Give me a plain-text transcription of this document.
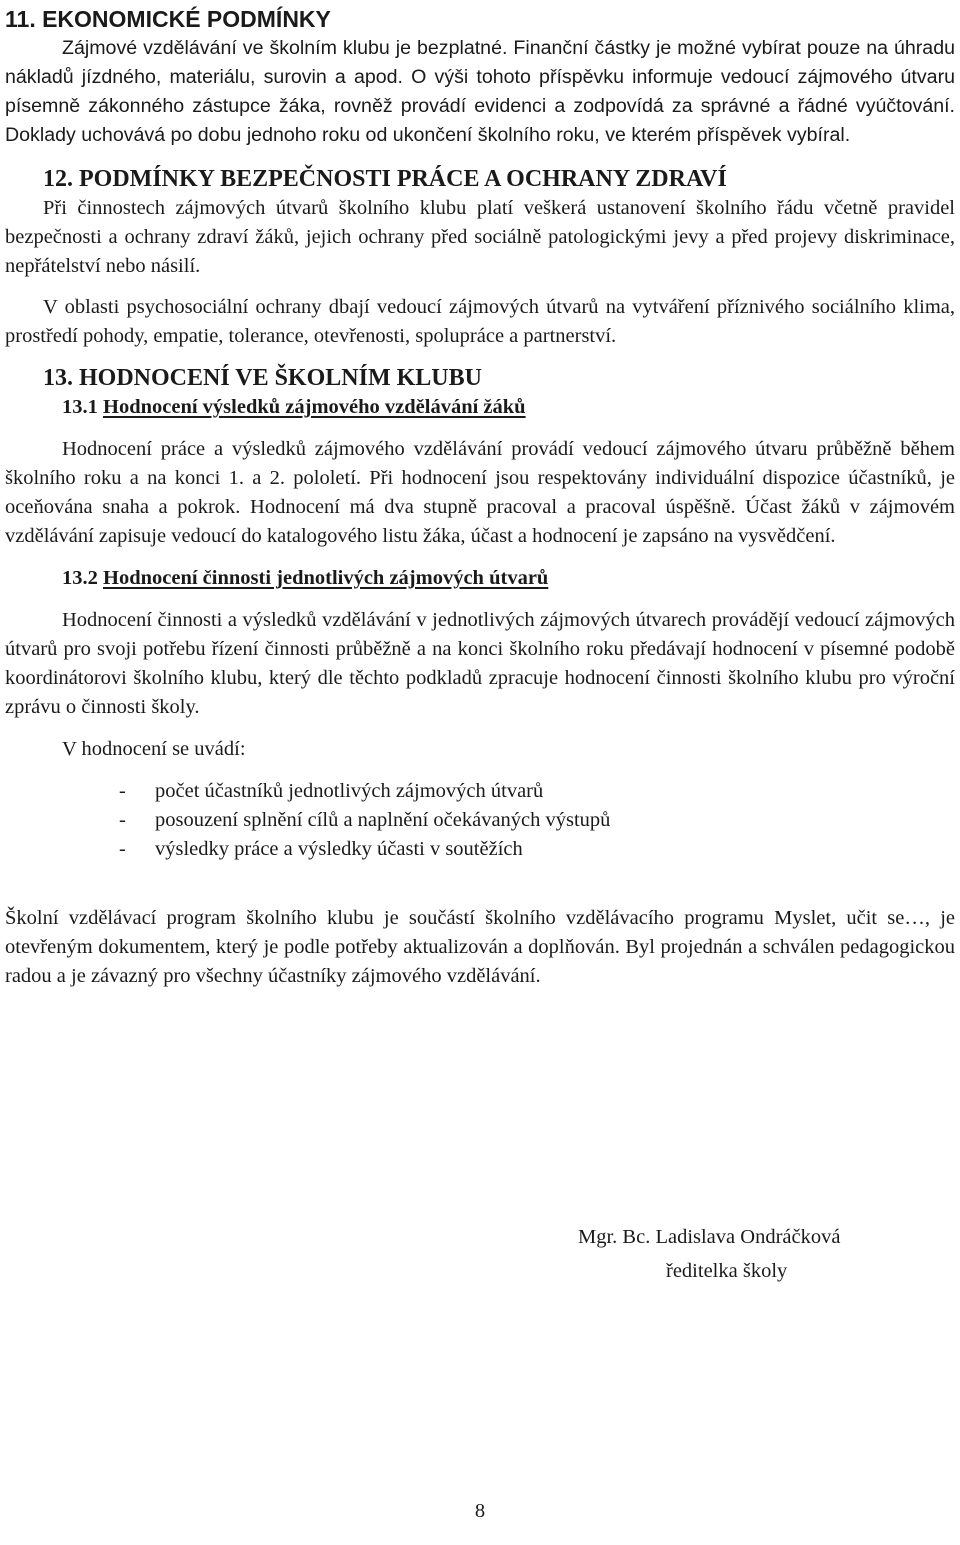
11. EKONOMICKÉ PODMÍNKY

Zájmové vzdělávání ve školním klubu je bezplatné. Finanční částky je možné vybírat pouze na úhradu nákladů jízdného, materiálu, surovin a apod. O výši tohoto příspěvku informuje vedoucí zájmového útvaru písemně zákonného zástupce žáka, rovněž provádí evidenci a zodpovídá za správné a řádné vyúčtování. Doklady uchovává po dobu jednoho roku od ukončení školního roku, ve kterém příspěvek vybíral.

12. PODMÍNKY BEZPEČNOSTI PRÁCE A OCHRANY ZDRAVÍ

Při činnostech zájmových útvarů školního klubu platí veškerá ustanovení školního řádu včetně pravidel bezpečnosti a ochrany zdraví žáků, jejich ochrany před sociálně patologickými jevy a před projevy diskriminace, nepřátelství nebo násilí.

V oblasti psychosociální ochrany dbají vedoucí zájmových útvarů na vytváření příznivého sociálního klima, prostředí pohody, empatie, tolerance, otevřenosti, spolupráce a partnerství.

13. HODNOCENÍ VE ŠKOLNÍM KLUBU
13.1 Hodnocení výsledků zájmového vzdělávání žáků

Hodnocení práce a výsledků zájmového vzdělávání provádí vedoucí zájmového útvaru průběžně během školního roku a na konci 1. a 2. pololetí. Při hodnocení jsou respektovány individuální dispozice účastníků, je oceňována snaha a pokrok. Hodnocení má dva stupně pracoval a pracoval úspěšně. Účast žáků v zájmovém vzdělávání zapisuje vedoucí do katalogového listu žáka, účast a hodnocení je zapsáno na vysvědčení.

13.2 Hodnocení činnosti jednotlivých zájmových útvarů

Hodnocení činnosti a výsledků vzdělávání v jednotlivých zájmových útvarech provádějí vedoucí zájmových útvarů pro svoji potřebu řízení činnosti průběžně a na konci školního roku předávají hodnocení v písemné podobě koordinátorovi školního klubu, který dle těchto podkladů zpracuje hodnocení činnosti školního klubu pro výroční zprávu o činnosti školy.

V hodnocení se uvádí:

- počet účastníků jednotlivých zájmových útvarů
- posouzení splnění cílů a naplnění očekávaných výstupů
- výsledky práce a výsledky účasti v soutěžích

Školní vzdělávací program školního klubu je součástí školního vzdělávacího programu Myslet, učit se…, je otevřeným dokumentem, který je podle potřeby aktualizován a doplňován. Byl projednán a schválen pedagogickou radou a je závazný pro všechny účastníky zájmového vzdělávání.

Mgr. Bc. Ladislava Ondráčková
ředitelka školy
8
